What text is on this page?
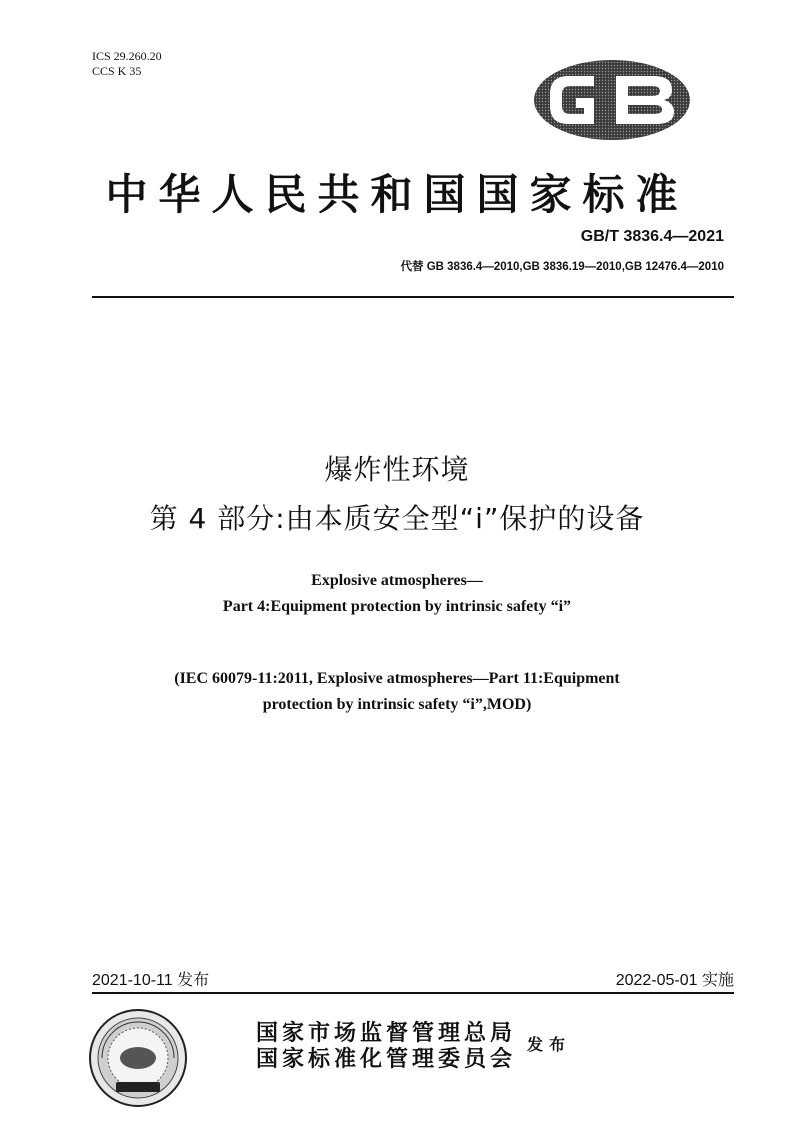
ICS 29.260.20
CCS K 35
中华人民共和国国家标准
GB/T 3836.4—2021
代替 GB 3836.4—2010,GB 3836.19—2010,GB 12476.4—2010
爆炸性环境
第 4 部分:由本质安全型“i”保护的设备
Explosive atmospheres—
Part 4:Equipment protection by intrinsic safety “i”
(IEC 60079-11:2011, Explosive atmospheres—Part 11:Equipment
protection by intrinsic safety “i”,MOD)
2021-10-11 发布	2022-05-01 实施
国家市场监督管理总局
国家标准化管理委员会
发布
